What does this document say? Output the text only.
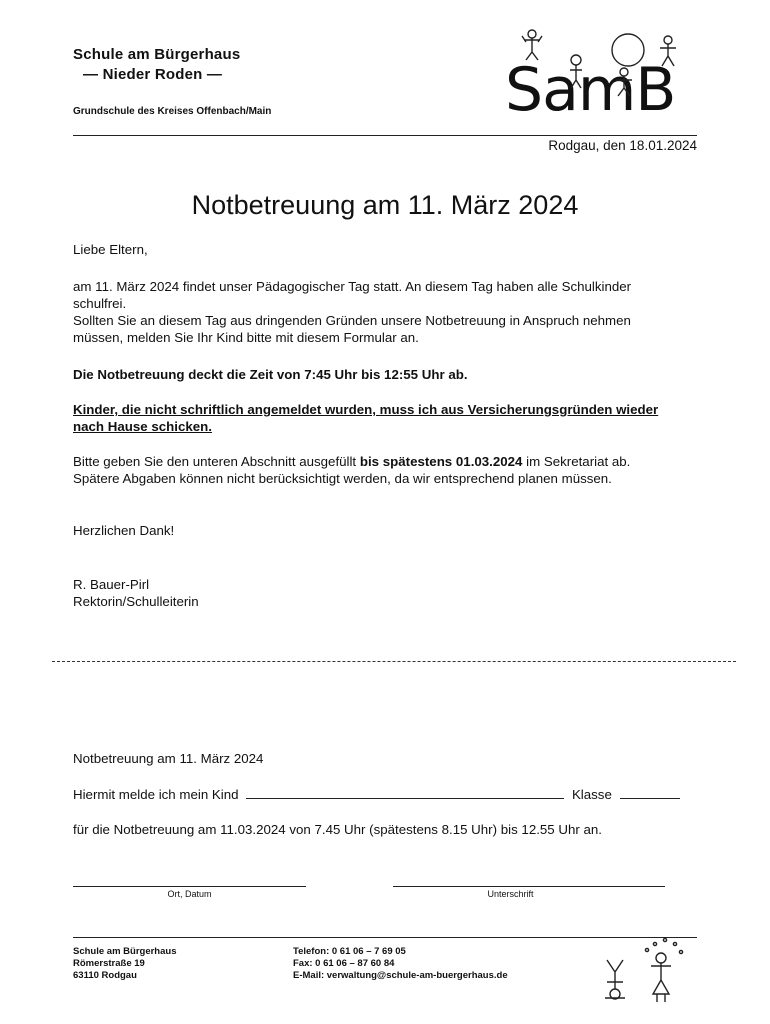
Schule am Bürgerhaus
— Nieder Roden —
Grundschule des Kreises Offenbach/Main	SamB
Rodgau, den 18.01.2024
Notbetreuung am 11. März 2024
Liebe Eltern,
am 11. März 2024 findet unser Pädagogischer Tag statt. An diesem Tag haben alle Schulkinder
schulfrei.
Sollten Sie an diesem Tag aus dringenden Gründen unsere Notbetreuung in Anspruch nehmen
müssen, melden Sie Ihr Kind bitte mit diesem Formular an.
Die Notbetreuung deckt die Zeit von 7:45 Uhr bis 12:55 Uhr ab.
Kinder, die nicht schriftlich angemeldet wurden, muss ich aus Versicherungsgründen wieder
nach Hause schicken.
Bitte geben Sie den unteren Abschnitt ausgefüllt bis spätestens 01.03.2024 im Sekretariat ab.
Spätere Abgaben können nicht berücksichtigt werden, da wir entsprechend planen müssen.
Herzlichen Dank!
R. Bauer-Pirl
Rektorin/Schulleiterin
Notbetreuung am 11. März 2024
Hiermit melde ich mein Kind	Klasse
für die Notbetreuung am 11.03.2024 von 7.45 Uhr (spätestens 8.15 Uhr) bis 12.55 Uhr an.
Ort, Datum	Unterschrift
Schule am Bürgerhaus
Römerstraße 19
63110 Rodgau
Telefon: 0 61 06 – 7 69 05
Fax: 0 61 06 – 87 60 84
E-Mail: verwaltung@schule-am-buergerhaus.de
